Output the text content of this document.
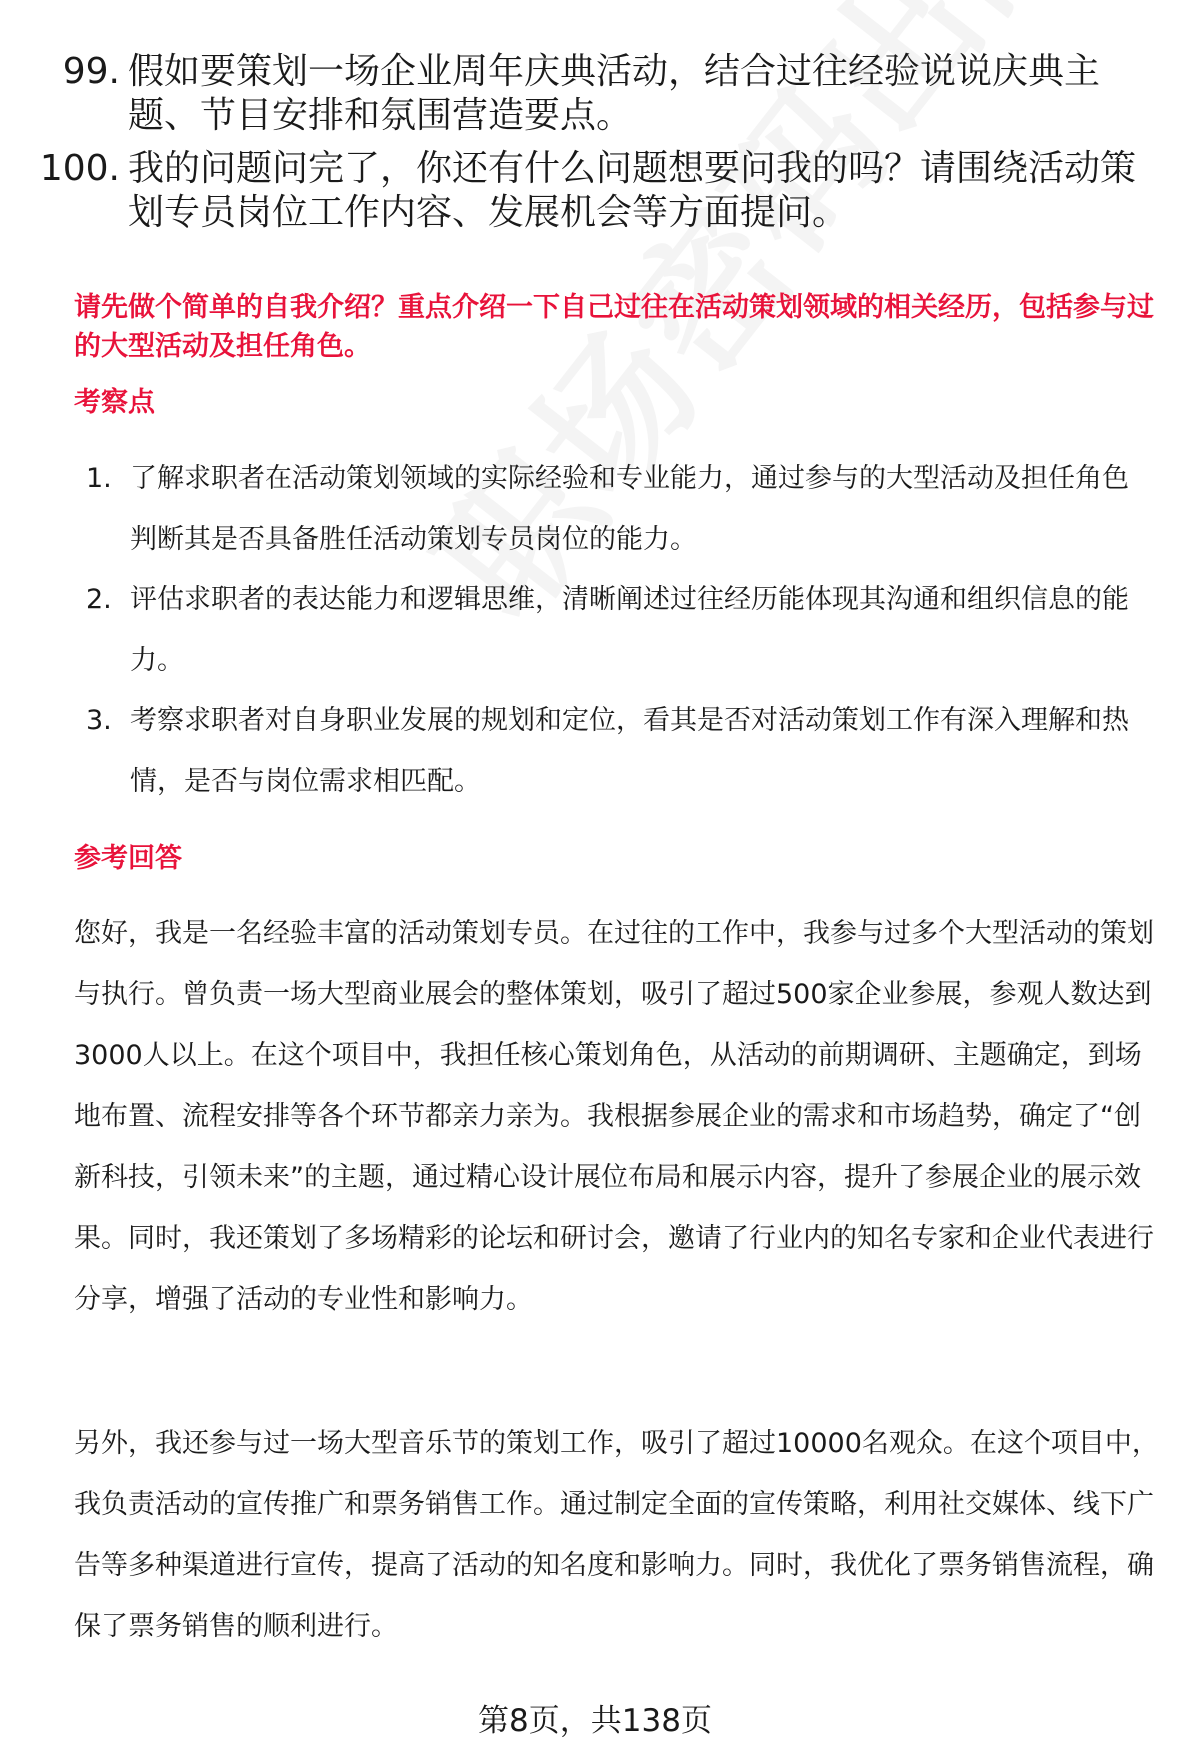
99. 假如要策划一场企业周年庆典活动，结合过往经验说说庆典主题、节目安排和氛围营造要点。
100. 我的问题问完了，你还有什么问题想要问我的吗？请围绕活动策划专员岗位工作内容、发展机会等方面提问。
请先做个简单的自我介绍？重点介绍一下自己过往在活动策划领域的相关经历，包括参与过的大型活动及担任角色。
考察点
1. 了解求职者在活动策划领域的实际经验和专业能力，通过参与的大型活动及担任角色判断其是否具备胜任活动策划专员岗位的能力。
2. 评估求职者的表达能力和逻辑思维，清晰阐述过往经历能体现其沟通和组织信息的能力。
3. 考察求职者对自身职业发展的规划和定位，看其是否对活动策划工作有深入理解和热情，是否与岗位需求相匹配。
参考回答
您好，我是一名经验丰富的活动策划专员。在过往的工作中，我参与过多个大型活动的策划与执行。曾负责一场大型商业展会的整体策划，吸引了超过500家企业参展，参观人数达到3000人以上。在这个项目中，我担任核心策划角色，从活动的前期调研、主题确定，到场地布置、流程安排等各个环节都亲力亲为。我根据参展企业的需求和市场趋势，确定了“创新科技，引领未来”的主题，通过精心设计展位布局和展示内容，提升了参展企业的展示效果。同时，我还策划了多场精彩的论坛和研讨会，邀请了行业内的知名专家和企业代表进行分享，增强了活动的专业性和影响力。
另外，我还参与过一场大型音乐节的策划工作，吸引了超过10000名观众。在这个项目中，我负责活动的宣传推广和票务销售工作。通过制定全面的宣传策略，利用社交媒体、线下广告等多种渠道进行宣传，提高了活动的知名度和影响力。同时，我优化了票务销售流程，确保了票务销售的顺利进行。
第8页，共138页
